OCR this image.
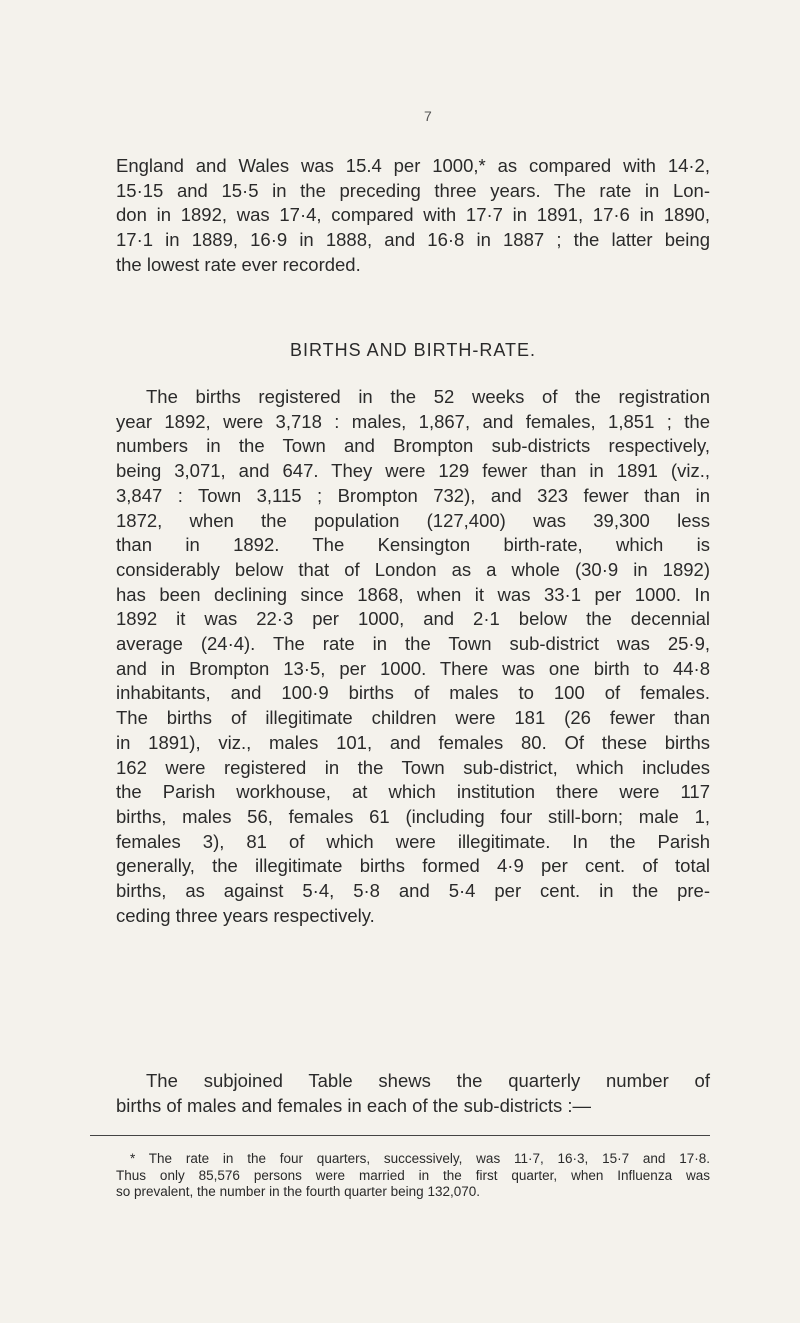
7
England and Wales was 15.4 per 1000,* as compared with 14·2,
15·15 and 15·5 in the preceding three years. The rate in Lon-
don in 1892, was 17·4, compared with 17·7 in 1891, 17·6 in 1890,
17·1 in 1889, 16·9 in 1888, and 16·8 in 1887 ; the latter being
the lowest rate ever recorded.
BIRTHS AND BIRTH-RATE.
The births registered in the 52 weeks of the registration
year 1892, were 3,718 : males, 1,867, and females, 1,851 ; the
numbers in the Town and Brompton sub-districts respectively,
being 3,071, and 647. They were 129 fewer than in 1891 (viz.,
3,847 : Town 3,115 ; Brompton 732), and 323 fewer than in
1872, when the population (127,400) was 39,300 less
than in 1892. The Kensington birth-rate, which is
considerably below that of London as a whole (30·9 in 1892)
has been declining since 1868, when it was 33·1 per 1000. In
1892 it was 22·3 per 1000, and 2·1 below the decennial
average (24·4). The rate in the Town sub-district was 25·9,
and in Brompton 13·5, per 1000. There was one birth to 44·8
inhabitants, and 100·9 births of males to 100 of females.
The births of illegitimate children were 181 (26 fewer than
in 1891), viz., males 101, and females 80. Of these births
162 were registered in the Town sub-district, which includes
the Parish workhouse, at which institution there were 117
births, males 56, females 61 (including four still-born; male 1,
females 3), 81 of which were illegitimate. In the Parish
generally, the illegitimate births formed 4·9 per cent. of total
births, as against 5·4, 5·8 and 5·4 per cent. in the pre-
ceding three years respectively.
The subjoined Table shews the quarterly number of
births of males and females in each of the sub-districts :—
* The rate in the four quarters, successively, was 11·7, 16·3, 15·7 and 17·8.
Thus only 85,576 persons were married in the first quarter, when Influenza was
so prevalent, the number in the fourth quarter being 132,070.
